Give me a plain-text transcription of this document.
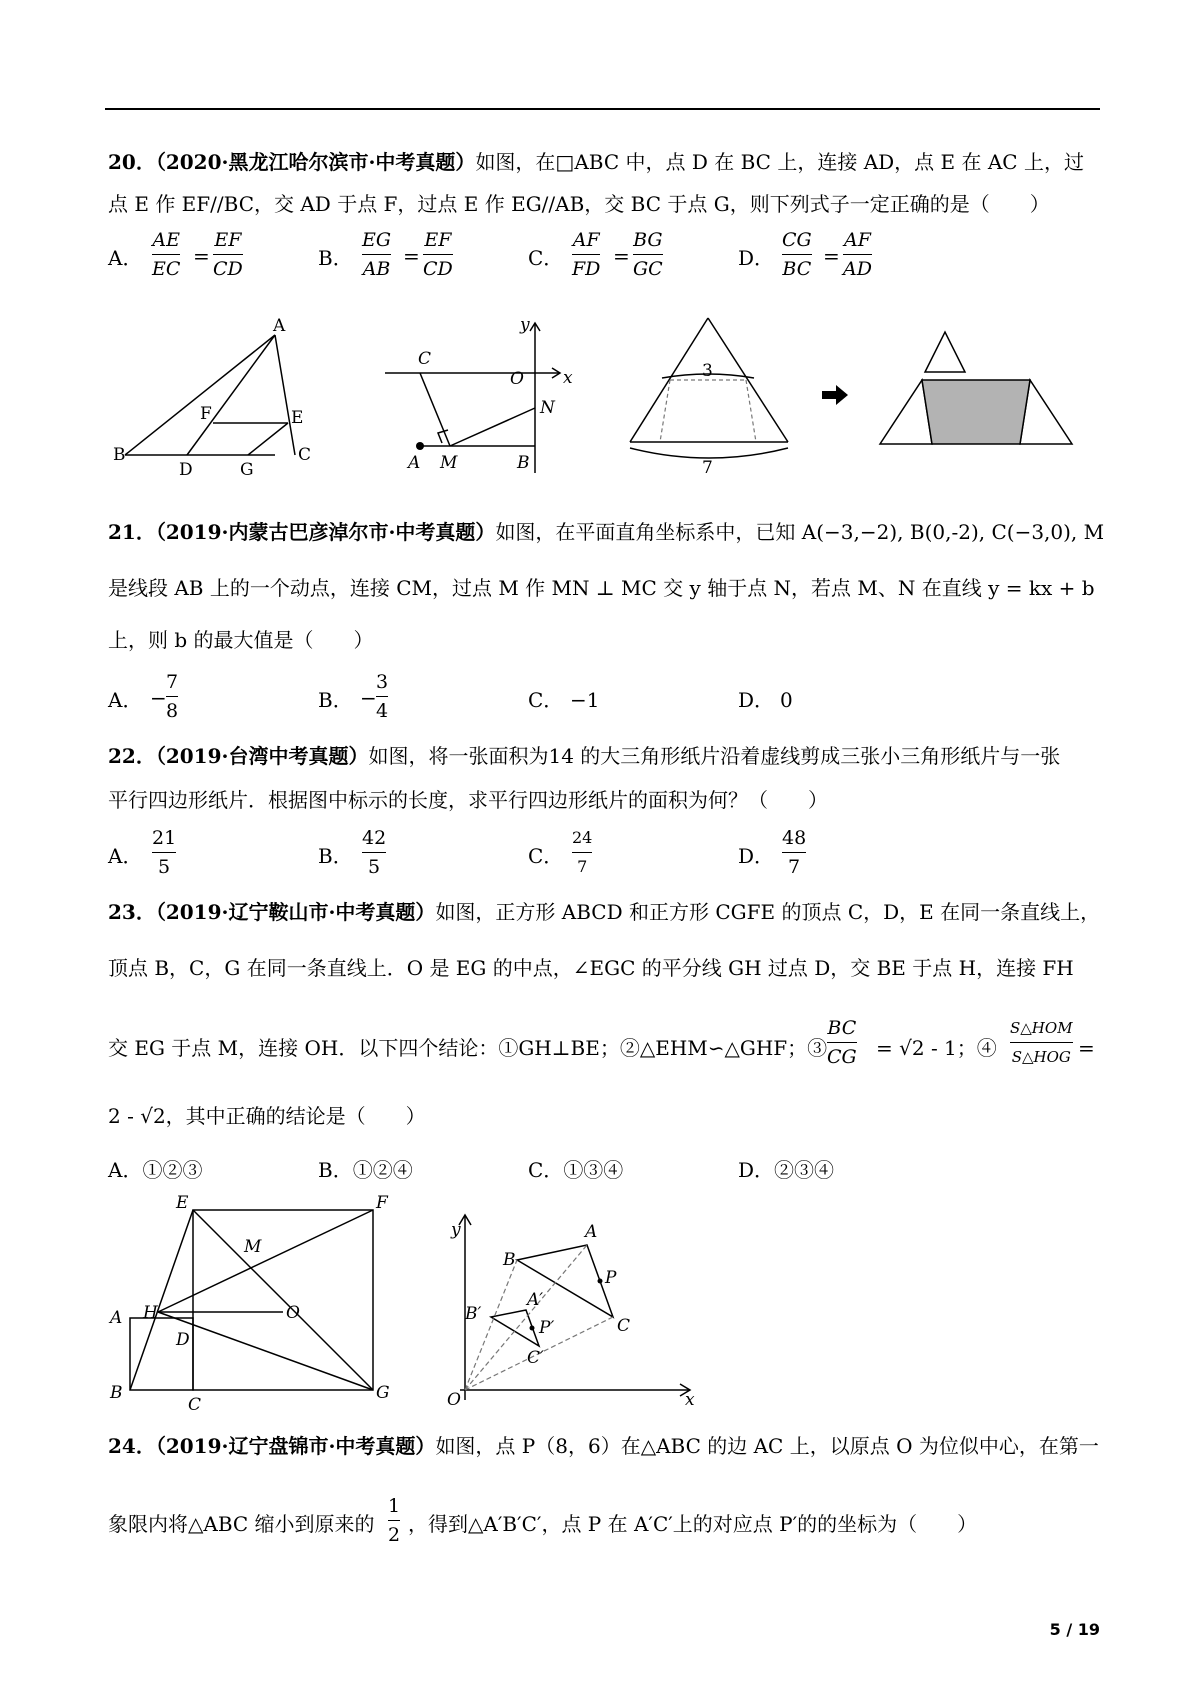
20．（2020·黑龙江哈尔滨市·中考真题）如图，在□ABC 中，点 D 在 BC 上，连接 AD，点 E 在 AC 上，过
点 E 作 EF//BC，交 AD 于点 F，过点 E 作 EG//AB，交 BC 于点 G，则下列式子一定正确的是（　　）
A．
AE
EC
=
EF
CD	B．
EG
AB
=
EF
CD	C．
AF
FD
=
BG
GC	D．
CG
BC
=
AF
AD
A
B	C
D
E
F
G
C
O x
y
N
A M	B
3
7
21．（2019·内蒙古巴彦淖尔市·中考真题）如图，在平面直角坐标系中，已知 A(−3,−2), B(0,-2), C(−3,0), M
是线段 AB 上的一个动点，连接 CM，过点 M 作 MN ⊥ MC 交 y 轴于点 N，若点 M、N 在直线 y = kx + b
上，则 b 的最大值是（　　）
A． −
7
8	B． −
3
4	C． −1	D． 0
22．（2019·台湾中考真题）如图，将一张面积为14 的大三角形纸片沿着虚线剪成三张小三角形纸片与一张
平行四边形纸片．根据图中标示的长度，求平行四边形纸片的面积为何？（　　）
A．
21
5	B．
42
5	C．
24
7	D．
48
7
23．（2019·辽宁鞍山市·中考真题）如图，正方形 ABCD 和正方形 CGFE 的顶点 C，D，E 在同一条直线上，
顶点 B，C，G 在同一条直线上．O 是 EG 的中点，∠EGC 的平分线 GH 过点 D，交 BE 于点 H，连接 FH
交 EG 于点 M，连接 OH．以下四个结论：①GH⊥BE；②△EHM∽△GHF；③
BC
CG = √2 - 1；④
S△HOM
S△HOG =
2 - √2，其中正确的结论是（　　）
A．①②③	B．①②④	C．①③④	D．②③④
E	F
M
H	O
A
D
B
C
G
y
x
O
A
B
C
P
A′
B′
C′
P′
24．（2019·辽宁盘锦市·中考真题）如图，点 P（8，6）在△ABC 的边 AC 上，以原点 O 为位似中心，在第一
象限内将△ABC 缩小到原来的
1
2 ，得到△A′B′C′，点 P 在 A′C′上的对应点 P′的的坐标为（　　）
5 / 19
